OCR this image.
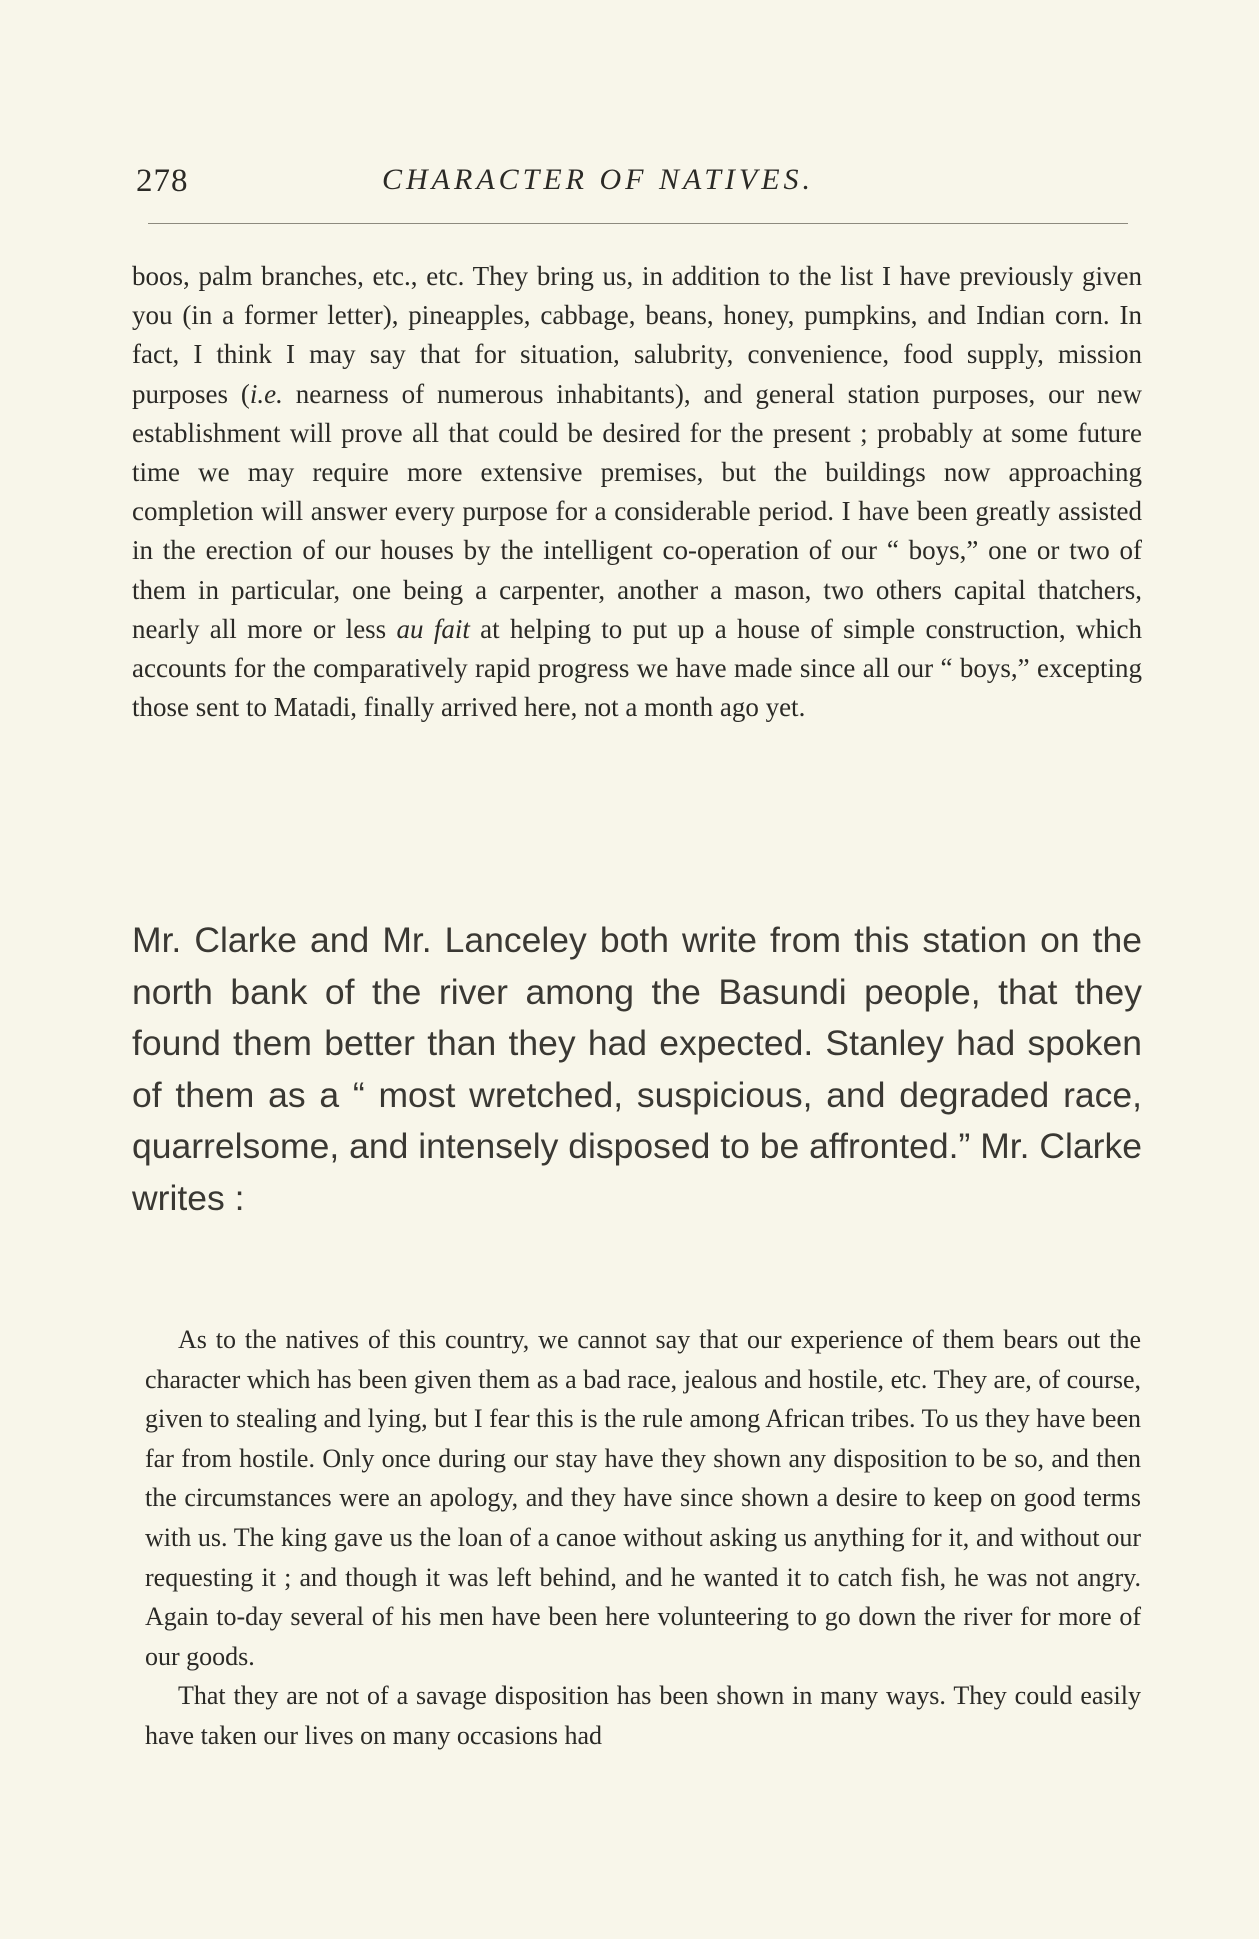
278	CHARACTER OF NATIVES.

boos, palm branches, etc., etc. They bring us, in addition to the list I have previously given you (in a former letter), pineapples, cabbage, beans, honey, pumpkins, and Indian corn. In fact, I think I may say that for situation, salubrity, convenience, food supply, mission purposes (i.e. nearness of numerous inhabitants), and general station purposes, our new establishment will prove all that could be desired for the present ; probably at some future time we may require more extensive premises, but the buildings now approaching completion will answer every purpose for a considerable period. I have been greatly assisted in the erection of our houses by the intelligent co-operation of our “ boys,” one or two of them in particular, one being a carpenter, another a mason, two others capital thatchers, nearly all more or less au fait at helping to put up a house of simple construction, which accounts for the comparatively rapid progress we have made since all our “ boys,” excepting those sent to Matadi, finally arrived here, not a month ago yet.

Mr. Clarke and Mr. Lanceley both write from this station on the north bank of the river among the Basundi people, that they found them better than they had expected. Stanley had spoken of them as a “ most wretched, suspicious, and degraded race, quarrelsome, and intensely disposed to be affronted.” Mr. Clarke writes :

As to the natives of this country, we cannot say that our experience of them bears out the character which has been given them as a bad race, jealous and hostile, etc. They are, of course, given to stealing and lying, but I fear this is the rule among African tribes. To us they have been far from hostile. Only once during our stay have they shown any disposition to be so, and then the circumstances were an apology, and they have since shown a desire to keep on good terms with us. The king gave us the loan of a canoe without asking us anything for it, and without our requesting it ; and though it was left behind, and he wanted it to catch fish, he was not angry. Again to-day several of his men have been here volunteering to go down the river for more of our goods.

That they are not of a savage disposition has been shown in many ways. They could easily have taken our lives on many occasions had
